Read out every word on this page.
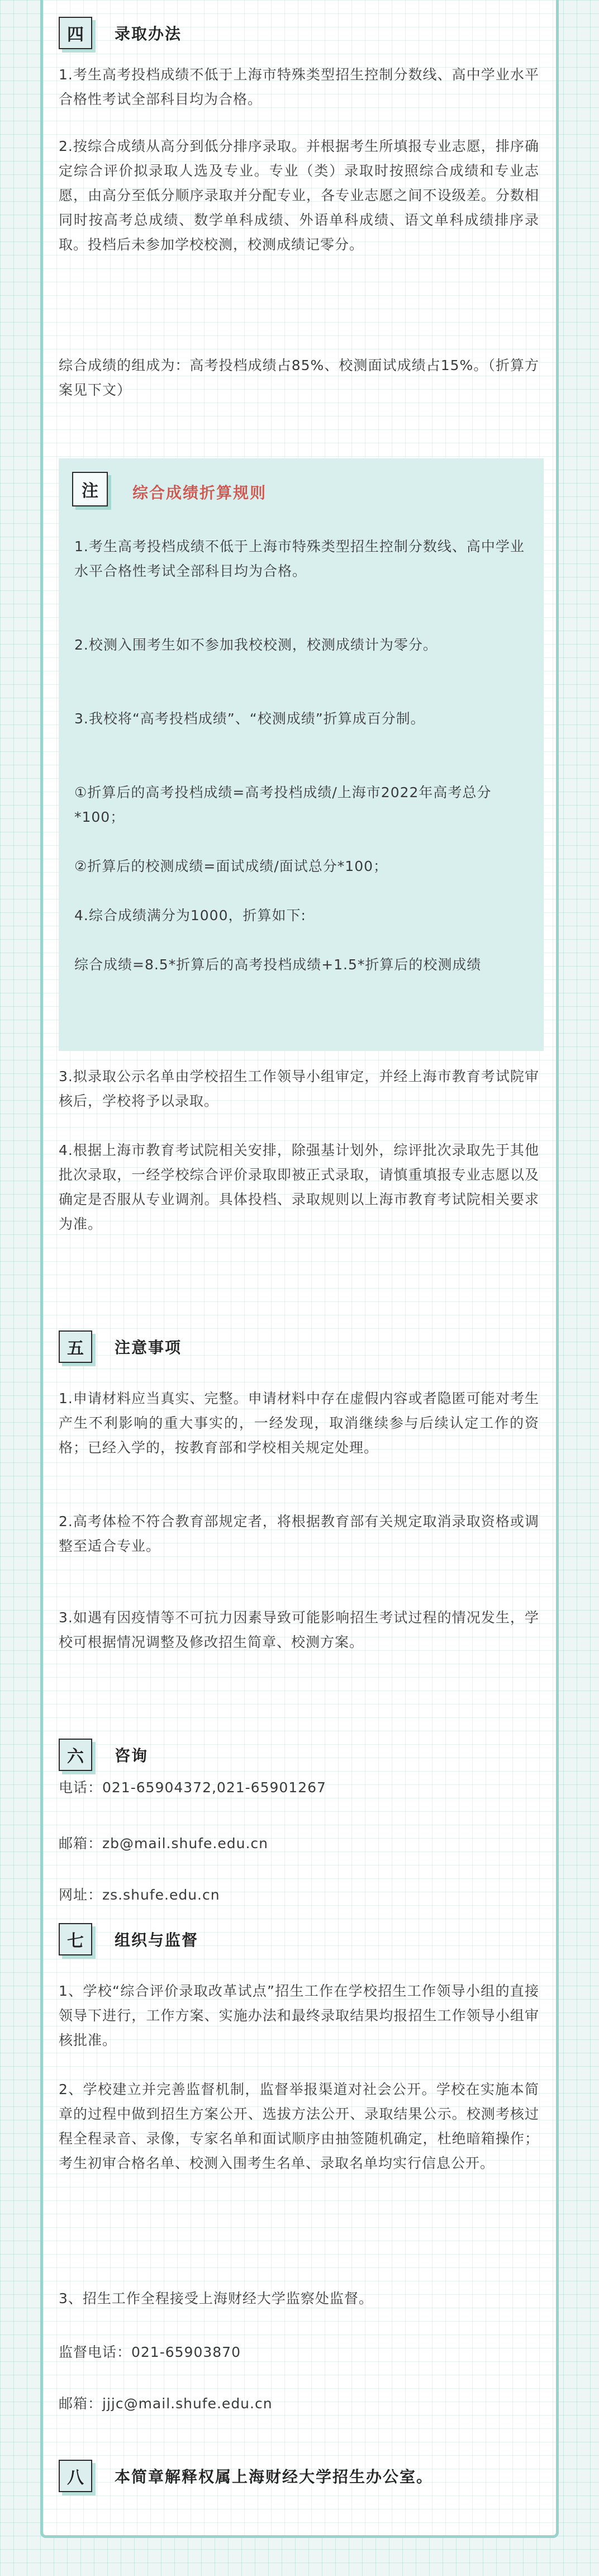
四	录取办法

1.考生高考投档成绩不低于上海市特殊类型招生控制分数线、高中学业水平合格性考试全部科目均为合格。

2.按综合成绩从高分到低分排序录取。并根据考生所填报专业志愿，排序确定综合评价拟录取人选及专业。专业（类）录取时按照综合成绩和专业志愿，由高分至低分顺序录取并分配专业，各专业志愿之间不设级差。分数相同时按高考总成绩、数学单科成绩、外语单科成绩、语文单科成绩排序录取。投档后未参加学校校测，校测成绩记零分。

综合成绩的组成为：高考投档成绩占85%、校测面试成绩占15%。（折算方案见下文）

注	综合成绩折算规则

1.考生高考投档成绩不低于上海市特殊类型招生控制分数线、高中学业水平合格性考试全部科目均为合格。

2.校测入围考生如不参加我校校测，校测成绩计为零分。

3.我校将“高考投档成绩”、“校测成绩”折算成百分制。

①折算后的高考投档成绩=高考投档成绩/上海市2022年高考总分*100；

②折算后的校测成绩=面试成绩/面试总分*100；

4.综合成绩满分为1000，折算如下:

综合成绩=8.5*折算后的高考投档成绩+1.5*折算后的校测成绩

3.拟录取公示名单由学校招生工作领导小组审定，并经上海市教育考试院审核后，学校将予以录取。

4.根据上海市教育考试院相关安排，除强基计划外，综评批次录取先于其他批次录取，一经学校综合评价录取即被正式录取，请慎重填报专业志愿以及确定是否服从专业调剂。具体投档、录取规则以上海市教育考试院相关要求为准。

五	注意事项

1.申请材料应当真实、完整。申请材料中存在虚假内容或者隐匿可能对考生产生不利影响的重大事实的，一经发现，取消继续参与后续认定工作的资格；已经入学的，按教育部和学校相关规定处理。

2.高考体检不符合教育部规定者，将根据教育部有关规定取消录取资格或调整至适合专业。

3.如遇有因疫情等不可抗力因素导致可能影响招生考试过程的情况发生，学校可根据情况调整及修改招生简章、校测方案。

六	咨询

电话：021-65904372,021-65901267

邮箱：zb@mail.shufe.edu.cn

网址：zs.shufe.edu.cn

七	组织与监督

1、学校“综合评价录取改革试点”招生工作在学校招生工作领导小组的直接领导下进行，工作方案、实施办法和最终录取结果均报招生工作领导小组审核批准。

2、学校建立并完善监督机制，监督举报渠道对社会公开。学校在实施本简章的过程中做到招生方案公开、选拔方法公开、录取结果公示。校测考核过程全程录音、录像，专家名单和面试顺序由抽签随机确定，杜绝暗箱操作；考生初审合格名单、校测入围考生名单、录取名单均实行信息公开。

3、招生工作全程接受上海财经大学监察处监督。

监督电话：021-65903870

邮箱：jjjc@mail.shufe.edu.cn

八	本简章解释权属上海财经大学招生办公室。
